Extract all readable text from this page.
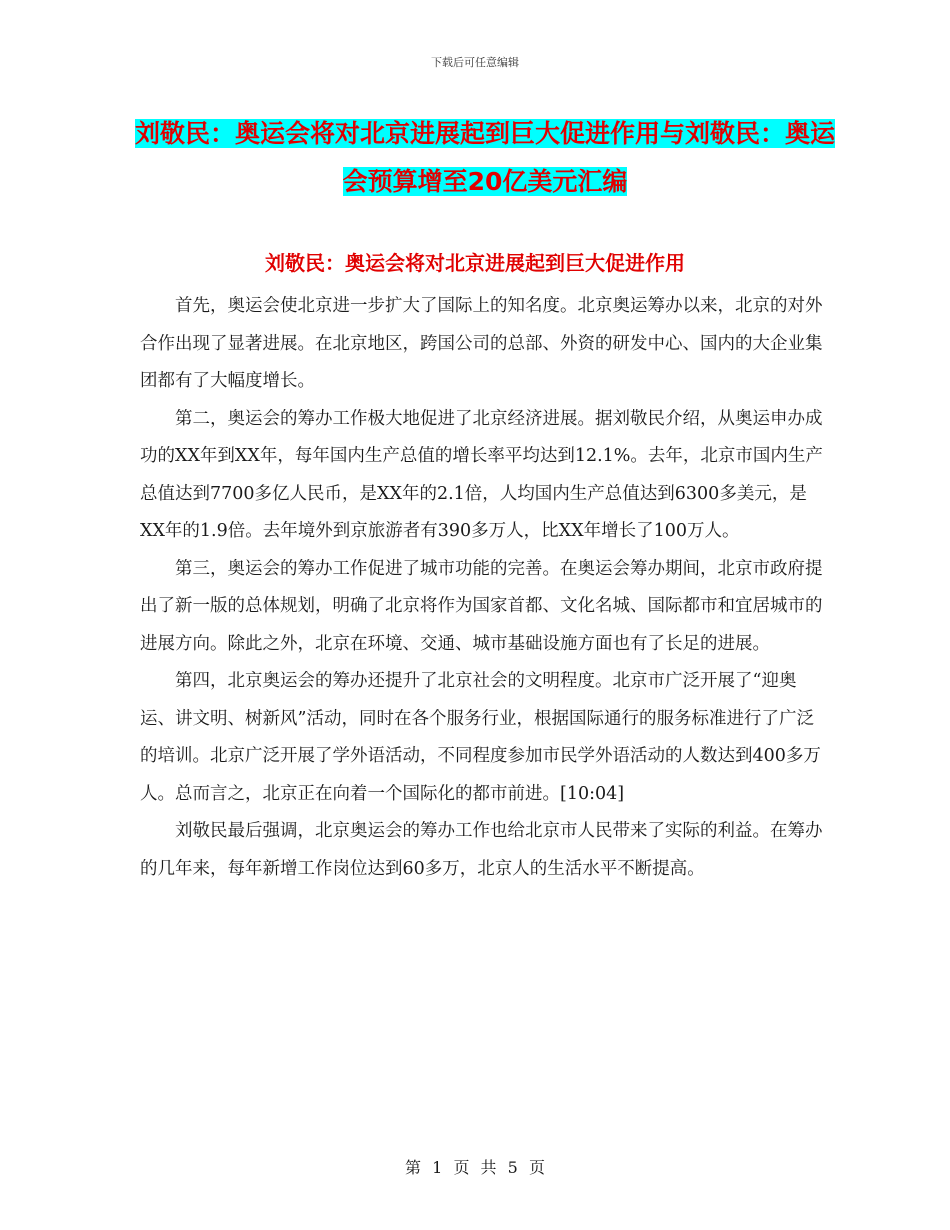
下载后可任意编辑
刘敬民：奥运会将对北京进展起到巨大促进作用与刘敬民：奥运会预算增至20亿美元汇编
刘敬民：奥运会将对北京进展起到巨大促进作用

首先，奥运会使北京进一步扩大了国际上的知名度。北京奥运筹办以来，北京的对外合作出现了显著进展。在北京地区，跨国公司的总部、外资的研发中心、国内的大企业集团都有了大幅度增长。

第二，奥运会的筹办工作极大地促进了北京经济进展。据刘敬民介绍，从奥运申办成功的XX年到XX年，每年国内生产总值的增长率平均达到12.1%。去年，北京市国内生产总值达到7700多亿人民币，是XX年的2.1倍，人均国内生产总值达到6300多美元，是XX年的1.9倍。去年境外到京旅游者有390多万人，比XX年增长了100万人。

第三，奥运会的筹办工作促进了城市功能的完善。在奥运会筹办期间，北京市政府提出了新一版的总体规划，明确了北京将作为国家首都、文化名城、国际都市和宜居城市的进展方向。除此之外，北京在环境、交通、城市基础设施方面也有了长足的进展。

第四，北京奥运会的筹办还提升了北京社会的文明程度。北京市广泛开展了“迎奥运、讲文明、树新风”活动，同时在各个服务行业，根据国际通行的服务标准进行了广泛的培训。北京广泛开展了学外语活动，不同程度参加市民学外语活动的人数达到400多万人。总而言之，北京正在向着一个国际化的都市前进。[10:04]

刘敬民最后强调，北京奥运会的筹办工作也给北京市人民带来了实际的利益。在筹办的几年来，每年新增工作岗位达到60多万，北京人的生活水平不断提高。

第 1 页 共 5 页
